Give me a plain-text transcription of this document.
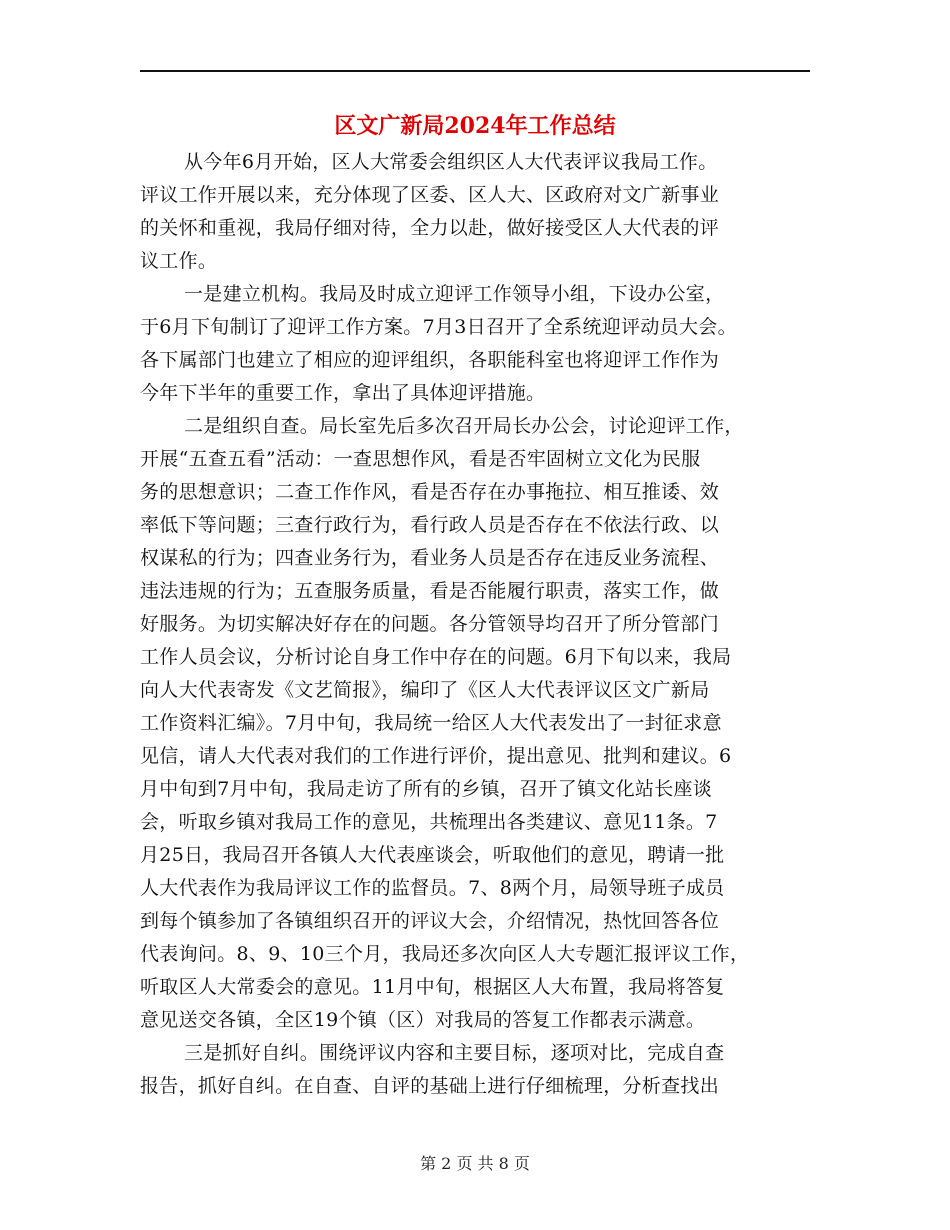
区文广新局2024年工作总结
从今年6月开始，区人大常委会组织区人大代表评议我局工作。
评议工作开展以来，充分体现了区委、区人大、区政府对文广新事业
的关怀和重视，我局仔细对待，全力以赴，做好接受区人大代表的评
议工作。
一是建立机构。我局及时成立迎评工作领导小组，下设办公室，
于6月下旬制订了迎评工作方案。7月3日召开了全系统迎评动员大会。
各下属部门也建立了相应的迎评组织，各职能科室也将迎评工作作为
今年下半年的重要工作，拿出了具体迎评措施。
二是组织自查。局长室先后多次召开局长办公会，讨论迎评工作，
开展“五查五看”活动：一查思想作风，看是否牢固树立文化为民服
务的思想意识；二查工作作风，看是否存在办事拖拉、相互推诿、效
率低下等问题；三查行政行为，看行政人员是否存在不依法行政、以
权谋私的行为；四查业务行为，看业务人员是否存在违反业务流程、
违法违规的行为；五查服务质量，看是否能履行职责，落实工作，做
好服务。为切实解决好存在的问题。各分管领导均召开了所分管部门
工作人员会议，分析讨论自身工作中存在的问题。6月下旬以来，我局
向人大代表寄发《文艺简报》，编印了《区人大代表评议区文广新局
工作资料汇编》。7月中旬，我局统一给区人大代表发出了一封征求意
见信，请人大代表对我们的工作进行评价，提出意见、批判和建议。6
月中旬到7月中旬，我局走访了所有的乡镇，召开了镇文化站长座谈
会，听取乡镇对我局工作的意见，共梳理出各类建议、意见11条。7
月25日，我局召开各镇人大代表座谈会，听取他们的意见，聘请一批
人大代表作为我局评议工作的监督员。7、8两个月，局领导班子成员
到每个镇参加了各镇组织召开的评议大会，介绍情况，热忱回答各位
代表询问。8、9、10三个月，我局还多次向区人大专题汇报评议工作，
听取区人大常委会的意见。11月中旬，根据区人大布置，我局将答复
意见送交各镇，全区19个镇（区）对我局的答复工作都表示满意。
三是抓好自纠。围绕评议内容和主要目标，逐项对比，完成自查
报告，抓好自纠。在自查、自评的基础上进行仔细梳理，分析查找出
第 2 页 共 8 页
